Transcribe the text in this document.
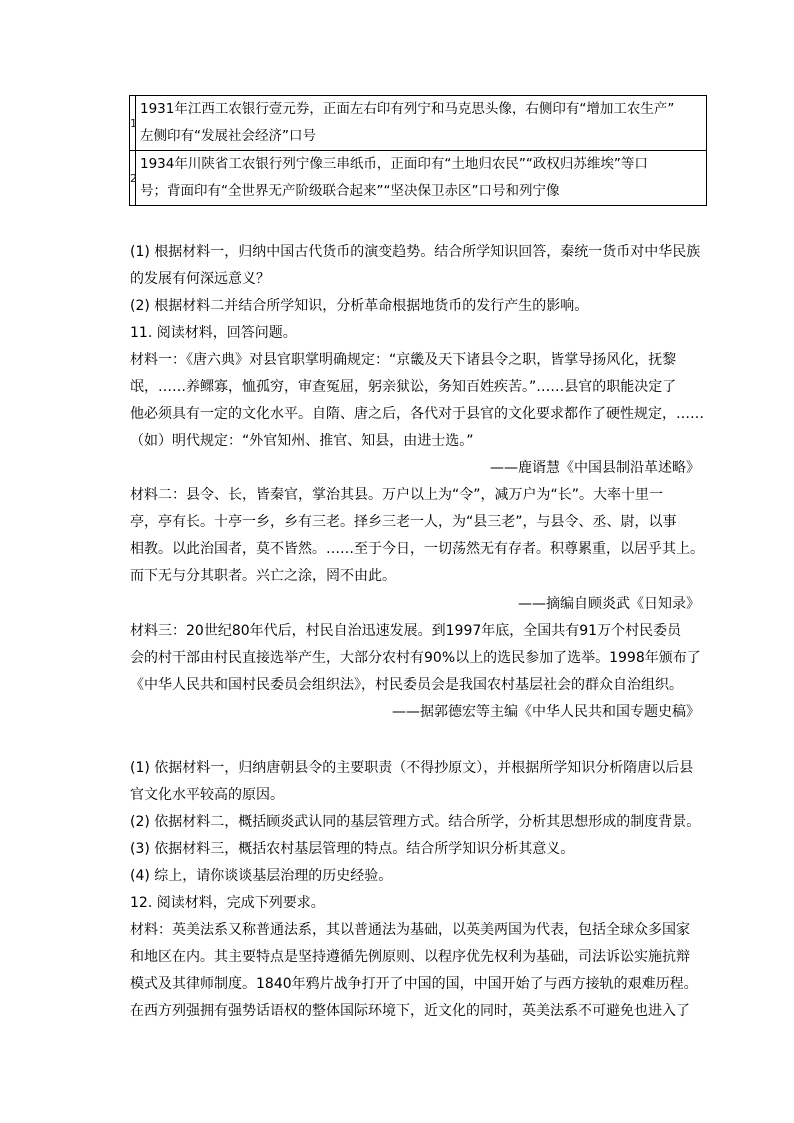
1	1931年江西工农银行壹元券，正面左右印有列宁和马克思头像，右侧印有“增加工农生产”
左侧印有“发展社会经济”口号

2	1934年川陕省工农银行列宁像三串纸币，正面印有“土地归农民”“政权归苏维埃”等口
号；背面印有“全世界无产阶级联合起来”“坚决保卫赤区”口号和列宁像
(1) 根据材料一，归纳中国古代货币的演变趋势。结合所学知识回答，秦统一货币对中华民族
的发展有何深远意义？
(2) 根据材料二并结合所学知识，分析革命根据地货币的发行产生的影响。
11. 阅读材料，回答问题。
材料一：《唐六典》对县官职掌明确规定：“京畿及天下诸县令之职，皆掌导扬风化，抚黎
氓，……养鳏寡，恤孤穷，审查冤屈，躬亲狱讼，务知百姓疾苦。”……县官的职能决定了
他必须具有一定的文化水平。自隋、唐之后，各代对于县官的文化要求都作了硬性规定，……
（如）明代规定：“外官知州、推官、知县，由进士选。”
——鹿谞慧《中国县制沿革述略》
材料二：县令、长，皆秦官，掌治其县。万户以上为“令”，减万户为“长”。大率十里一
亭，亭有长。十亭一乡，乡有三老。择乡三老一人，为“县三老”，与县令、丞、尉，以事
相教。以此治国者，莫不皆然。……至于今日，一切荡然无有存者。积尊累重，以居乎其上。
而下无与分其职者。兴亡之涂，罔不由此。
——摘编自顾炎武《日知录》
材料三：20世纪80年代后，村民自治迅速发展。到1997年底，全国共有91万个村民委员
会的村干部由村民直接选举产生，大部分农村有90%以上的选民参加了选举。1998年颁布了
《中华人民共和国村民委员会组织法》，村民委员会是我国农村基层社会的群众自治组织。
——据郭德宏等主编《中华人民共和国专题史稿》
(1) 依据材料一，归纳唐朝县令的主要职责（不得抄原文），并根据所学知识分析隋唐以后县
官文化水平较高的原因。
(2) 依据材料二，概括顾炎武认同的基层管理方式。结合所学，分析其思想形成的制度背景。
(3) 依据材料三，概括农村基层管理的特点。结合所学知识分析其意义。
(4) 综上，请你谈谈基层治理的历史经验。
12. 阅读材料，完成下列要求。
材料：英美法系又称普通法系，其以普通法为基础，以英美两国为代表，包括全球众多国家
和地区在内。其主要特点是坚持遵循先例原则、以程序优先权利为基础，司法诉讼实施抗辩
模式及其律师制度。1840年鸦片战争打开了中国的国，中国开始了与西方接轨的艰难历程。
在西方列强拥有强势话语权的整体国际环境下，近文化的同时，英美法系不可避免也进入了
